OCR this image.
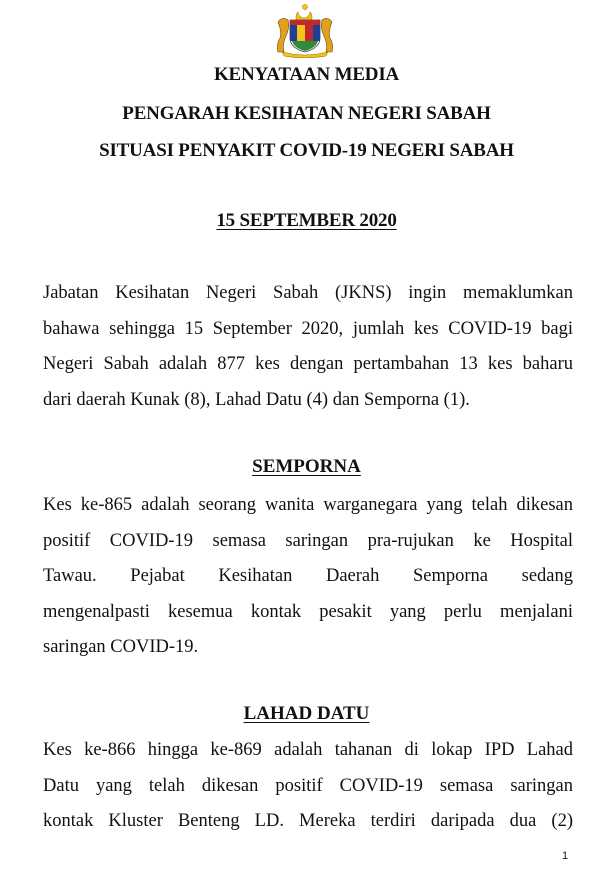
KENYATAAN MEDIA

PENGARAH KESIHATAN NEGERI SABAH

SITUASI PENYAKIT COVID-19 NEGERI SABAH

15 SEPTEMBER 2020

Jabatan Kesihatan Negeri Sabah (JKNS) ingin memaklumkan
bahawa sehingga 15 September 2020, jumlah kes COVID-19 bagi
Negeri Sabah adalah 877 kes dengan pertambahan 13 kes baharu
dari daerah Kunak (8), Lahad Datu (4) dan Semporna (1).

SEMPORNA

Kes ke-865 adalah seorang wanita warganegara yang telah dikesan
positif COVID-19 semasa saringan pra-rujukan ke Hospital
Tawau. Pejabat Kesihatan Daerah Semporna sedang
mengenalpasti kesemua kontak pesakit yang perlu menjalani
saringan COVID-19.

LAHAD DATU

Kes ke-866 hingga ke-869 adalah tahanan di lokap IPD Lahad
Datu yang telah dikesan positif COVID-19 semasa saringan
kontak Kluster Benteng LD. Mereka terdiri daripada dua (2)
1
